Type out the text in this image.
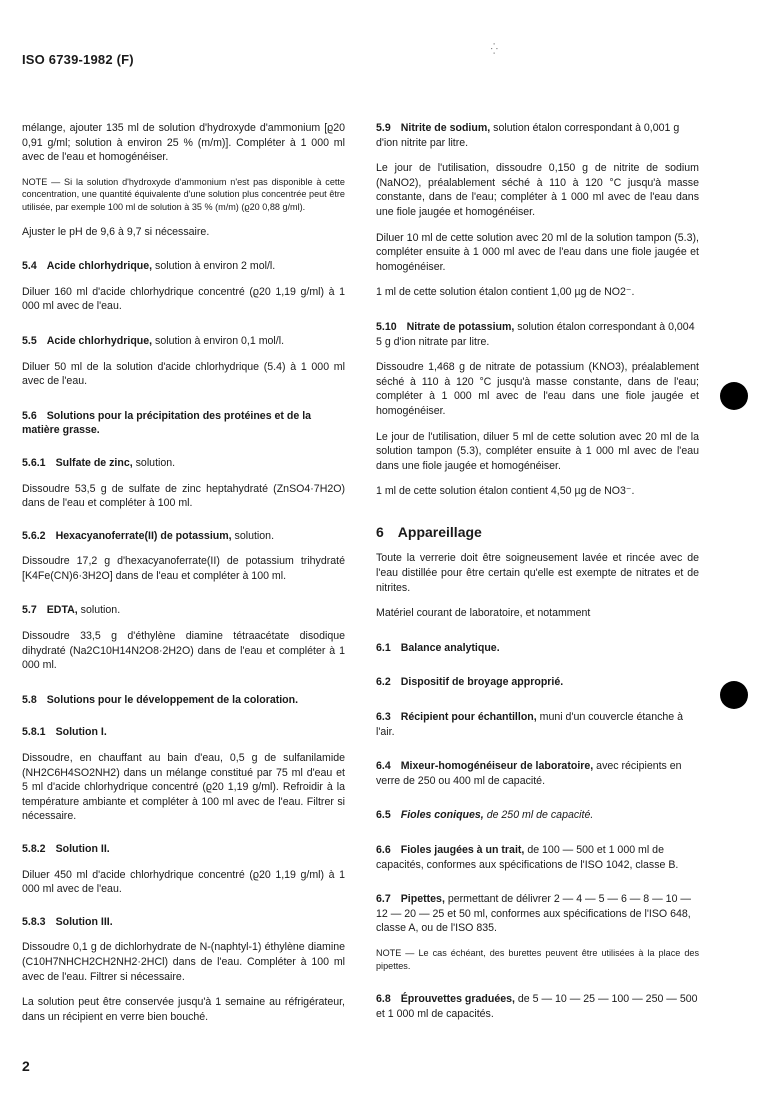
ISO 6739-1982 (F)
·:·

mélange, ajouter 135 ml de solution d'hydroxyde d'ammonium [ϱ20 0,91 g/ml; solution à environ 25 % (m/m)]. Compléter à 1 000 ml avec de l'eau et homogénéiser.

NOTE — Si la solution d'hydroxyde d'ammonium n'est pas disponible à cette concentration, une quantité équivalente d'une solution plus concentrée peut être utilisée, par exemple 100 ml de solution à 35 % (m/m) (ϱ20 0,88 g/ml).

Ajuster le pH de 9,6 à 9,7 si nécessaire.

5.4 Acide chlorhydrique, solution à environ 2 mol/l.

Diluer 160 ml d'acide chlorhydrique concentré (ϱ20 1,19 g/ml) à 1 000 ml avec de l'eau.

5.5 Acide chlorhydrique, solution à environ 0,1 mol/l.

Diluer 50 ml de la solution d'acide chlorhydrique (5.4) à 1 000 ml avec de l'eau.

5.6 Solutions pour la précipitation des protéines et de la matière grasse.
5.6.1 Sulfate de zinc, solution.

Dissoudre 53,5 g de sulfate de zinc heptahydraté (ZnSO4·7H2O) dans de l'eau et compléter à 100 ml.

5.6.2 Hexacyanoferrate(II) de potassium, solution.

Dissoudre 17,2 g d'hexacyanoferrate(II) de potassium trihydraté [K4Fe(CN)6·3H2O] dans de l'eau et compléter à 100 ml.

5.7 EDTA, solution.

Dissoudre 33,5 g d'éthylène diamine tétraacétate disodique dihydraté (Na2C10H14N2O8·2H2O) dans de l'eau et compléter à 1 000 ml.

5.8 Solutions pour le développement de la coloration.
5.8.1 Solution I.

Dissoudre, en chauffant au bain d'eau, 0,5 g de sulfanilamide (NH2C6H4SO2NH2) dans un mélange constitué par 75 ml d'eau et 5 ml d'acide chlorhydrique concentré (ϱ20 1,19 g/ml). Refroidir à la température ambiante et compléter à 100 ml avec de l'eau. Filtrer si nécessaire.

5.8.2 Solution II.

Diluer 450 ml d'acide chlorhydrique concentré (ϱ20 1,19 g/ml) à 1 000 ml avec de l'eau.

5.8.3 Solution III.

Dissoudre 0,1 g de dichlorhydrate de N-(naphtyl-1) éthylène diamine (C10H7NHCH2CH2NH2·2HCl) dans de l'eau. Compléter à 100 ml avec de l'eau. Filtrer si nécessaire.

La solution peut être conservée jusqu'à 1 semaine au réfrigérateur, dans un récipient en verre bien bouché.

5.9 Nitrite de sodium, solution étalon correspondant à 0,001 g d'ion nitrite par litre.

Le jour de l'utilisation, dissoudre 0,150 g de nitrite de sodium (NaNO2), préalablement séché à 110 à 120 °C jusqu'à masse constante, dans de l'eau; compléter à 1 000 ml avec de l'eau dans une fiole jaugée et homogénéiser.

Diluer 10 ml de cette solution avec 20 ml de la solution tampon (5.3), compléter ensuite à 1 000 ml avec de l'eau dans une fiole jaugée et homogénéiser.

1 ml de cette solution étalon contient 1,00 µg de NO2⁻.

5.10 Nitrate de potassium, solution étalon correspondant à 0,004 5 g d'ion nitrate par litre.

Dissoudre 1,468 g de nitrate de potassium (KNO3), préalablement séché à 110 à 120 °C jusqu'à masse constante, dans de l'eau; compléter à 1 000 ml avec de l'eau dans une fiole jaugée et homogénéiser.

Le jour de l'utilisation, diluer 5 ml de cette solution avec 20 ml de la solution tampon (5.3), compléter ensuite à 1 000 ml avec de l'eau dans une fiole jaugée et homogénéiser.

1 ml de cette solution étalon contient 4,50 µg de NO3⁻.

6 Appareillage

Toute la verrerie doit être soigneusement lavée et rincée avec de l'eau distillée pour être certain qu'elle est exempte de nitrates et de nitrites.

Matériel courant de laboratoire, et notamment

6.1 Balance analytique.
6.2 Dispositif de broyage approprié.
6.3 Récipient pour échantillon, muni d'un couvercle étanche à l'air.
6.4 Mixeur-homogénéiseur de laboratoire, avec récipients en verre de 250 ou 400 ml de capacité.
6.5 Fioles coniques, de 250 ml de capacité.
6.6 Fioles jaugées à un trait, de 100 — 500 et 1 000 ml de capacités, conformes aux spécifications de l'ISO 1042, classe B.
6.7 Pipettes, permettant de délivrer 2 — 4 — 5 — 6 — 8 — 10 — 12 — 20 — 25 et 50 ml, conformes aux spécifications de l'ISO 648, classe A, ou de l'ISO 835.

NOTE — Le cas échéant, des burettes peuvent être utilisées à la place des pipettes.

6.8 Éprouvettes graduées, de 5 — 10 — 25 — 100 — 250 — 500 et 1 000 ml de capacités.
2
